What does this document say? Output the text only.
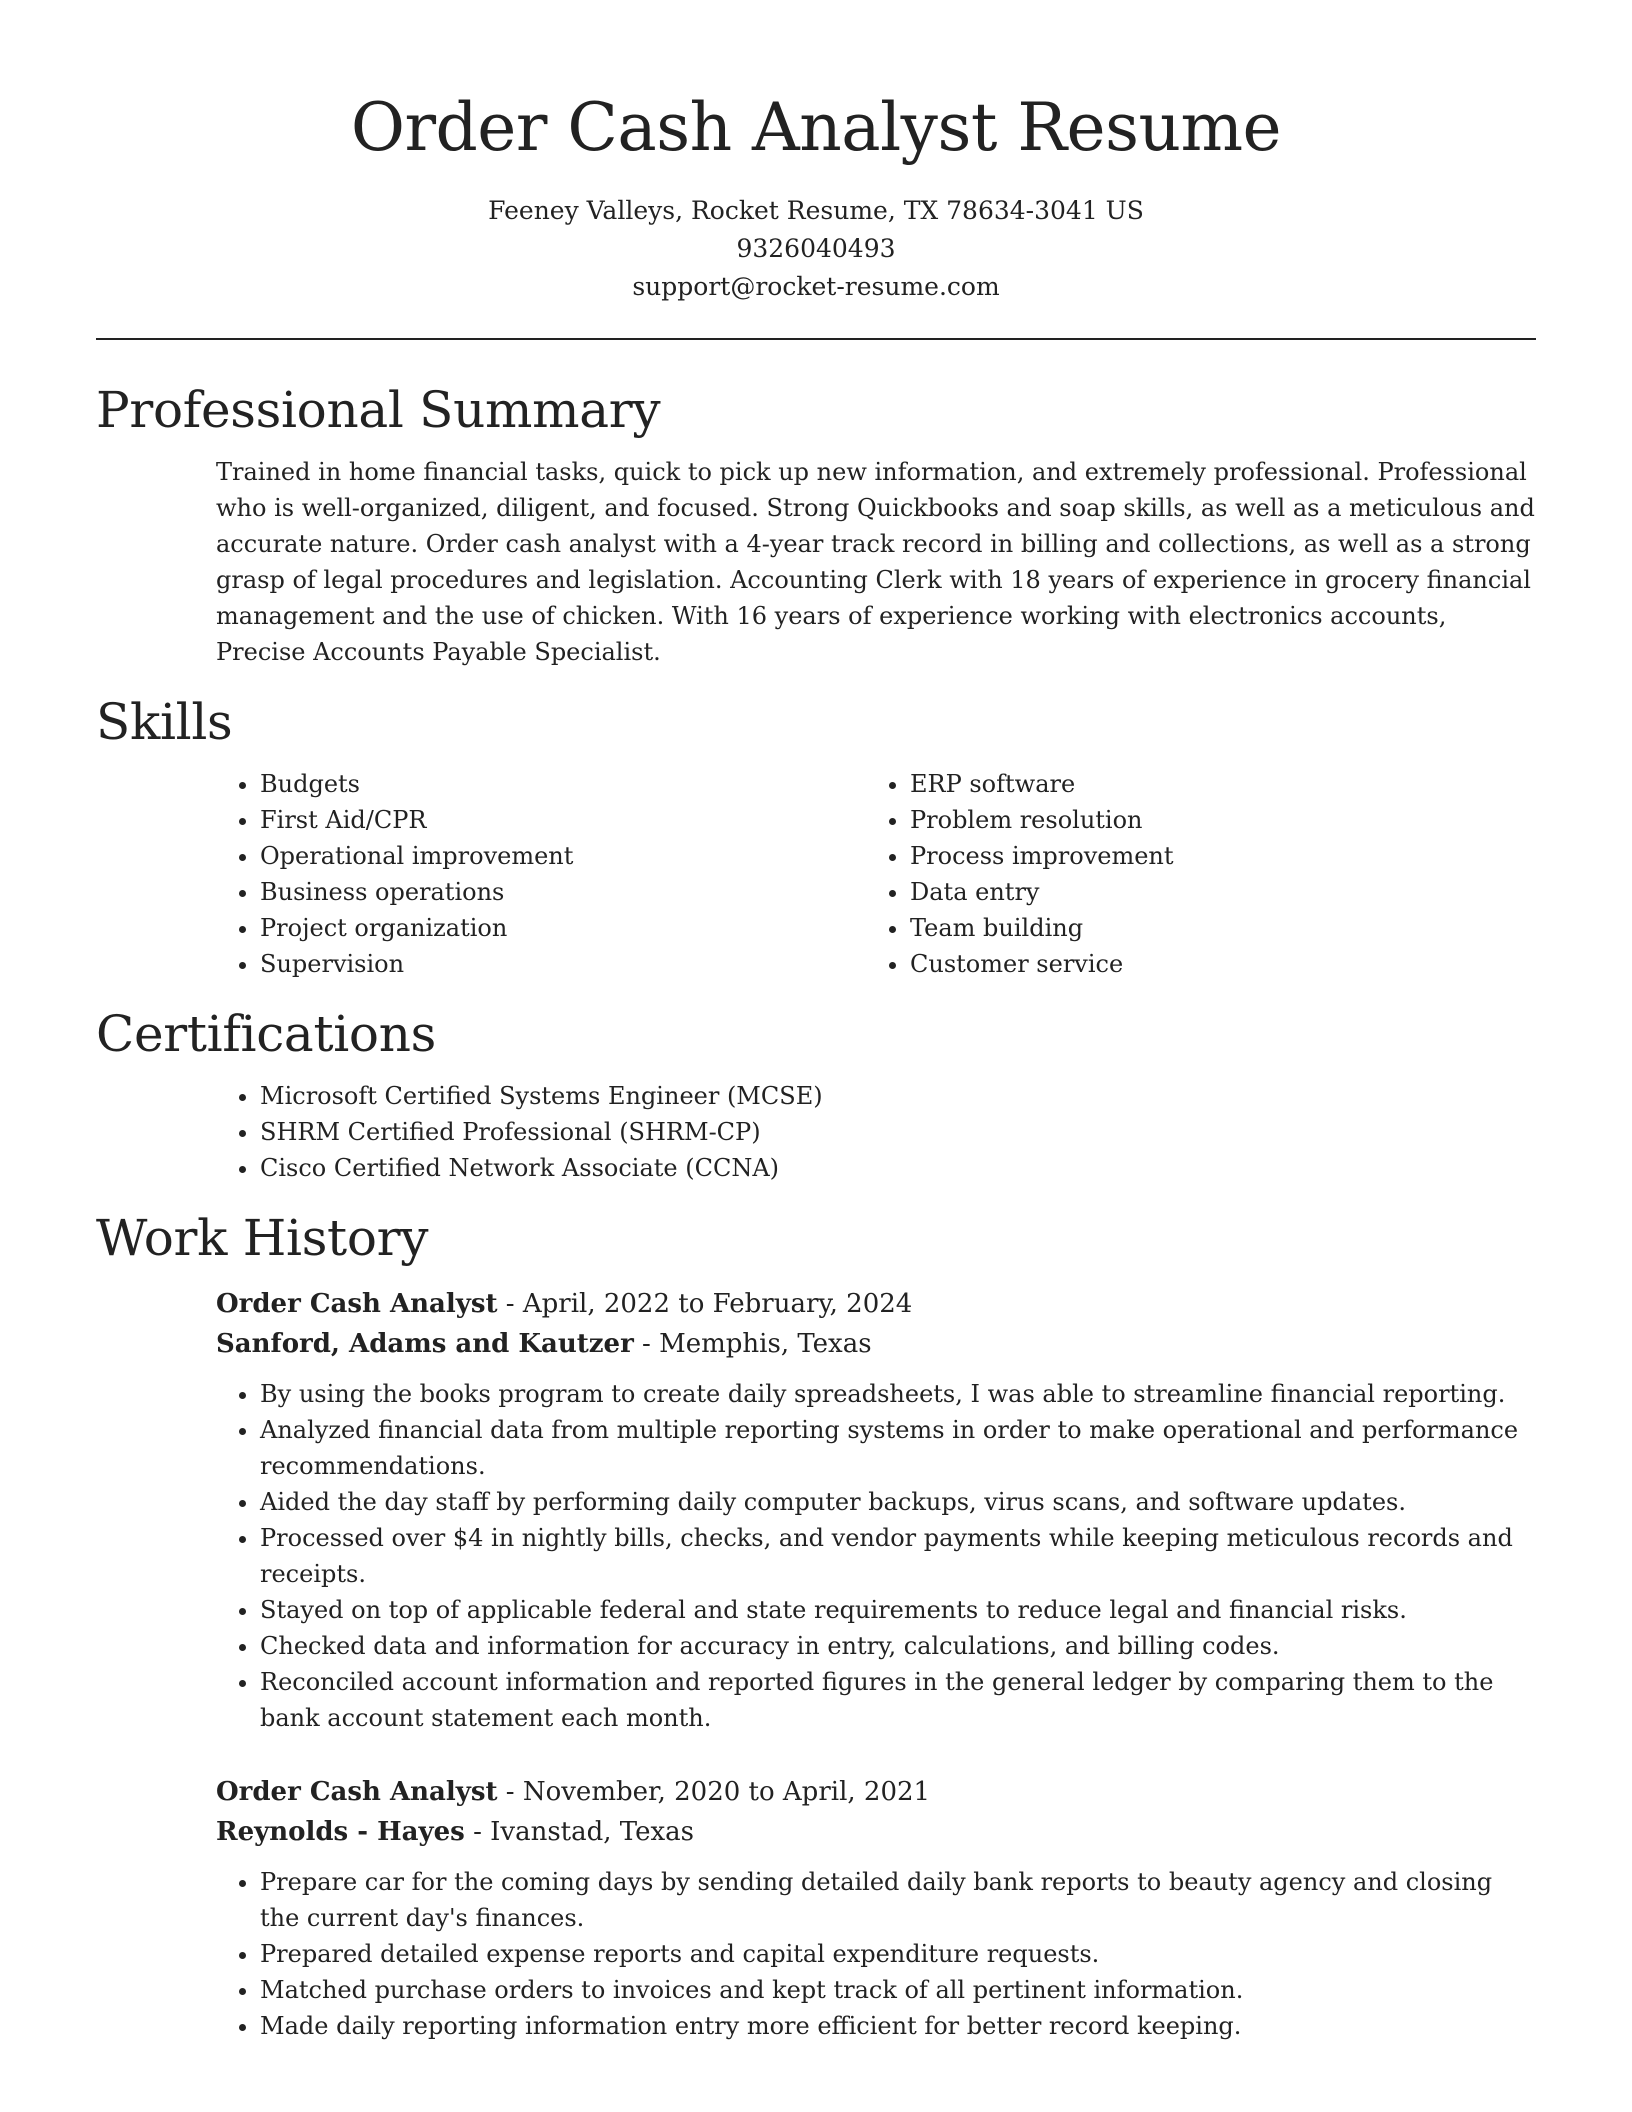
Order Cash Analyst Resume
Feeney Valleys, Rocket Resume, TX 78634-3041 US
9326040493
support@rocket-resume.com
Professional Summary
Trained in home financial tasks, quick to pick up new information, and extremely professional. Professional who is well-organized, diligent, and focused. Strong Quickbooks and soap skills, as well as a meticulous and accurate nature. Order cash analyst with a 4-year track record in billing and collections, as well as a strong grasp of legal procedures and legislation. Accounting Clerk with 18 years of experience in grocery financial management and the use of chicken. With 16 years of experience working with electronics accounts, Precise Accounts Payable Specialist.
Skills
• Budgets
• First Aid/CPR
• Operational improvement
• Business operations
• Project organization
• Supervision
• ERP software
• Problem resolution
• Process improvement
• Data entry
• Team building
• Customer service
Certifications
• Microsoft Certified Systems Engineer (MCSE)
• SHRM Certified Professional (SHRM-CP)
• Cisco Certified Network Associate (CCNA)
Work History
Order Cash Analyst - April, 2022 to February, 2024
Sanford, Adams and Kautzer - Memphis, Texas
• By using the books program to create daily spreadsheets, I was able to streamline financial reporting.
• Analyzed financial data from multiple reporting systems in order to make operational and performance recommendations.
• Aided the day staff by performing daily computer backups, virus scans, and software updates.
• Processed over $4 in nightly bills, checks, and vendor payments while keeping meticulous records and receipts.
• Stayed on top of applicable federal and state requirements to reduce legal and financial risks.
• Checked data and information for accuracy in entry, calculations, and billing codes.
• Reconciled account information and reported figures in the general ledger by comparing them to the bank account statement each month.
Order Cash Analyst - November, 2020 to April, 2021
Reynolds - Hayes - Ivanstad, Texas
• Prepare car for the coming days by sending detailed daily bank reports to beauty agency and closing the current day's finances.
• Prepared detailed expense reports and capital expenditure requests.
• Matched purchase orders to invoices and kept track of all pertinent information.
• Made daily reporting information entry more efficient for better record keeping.
